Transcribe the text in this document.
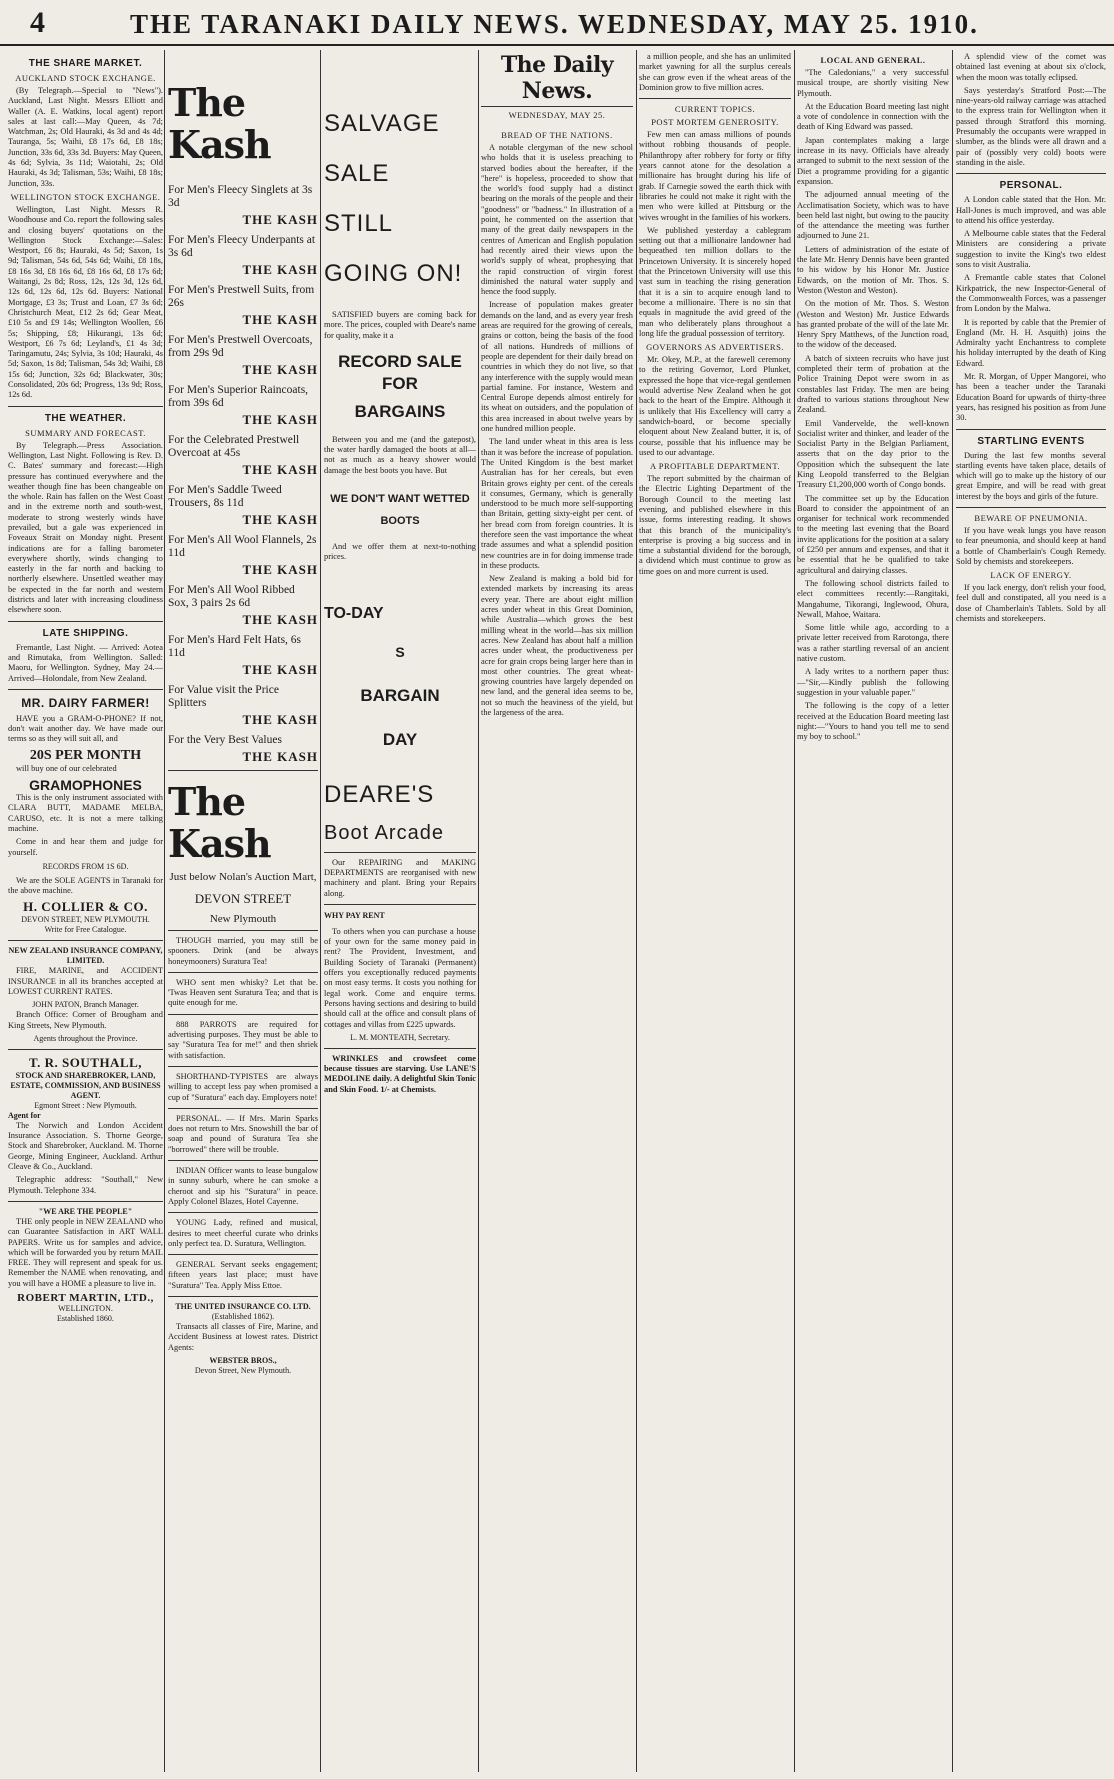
4	THE TARANAKI DAILY NEWS. WEDNESDAY, MAY 25. 1910.
THE SHARE MARKET.
AUCKLAND STOCK EXCHANGE.
(By Telegraph.—Special to "News"). Auckland, Last Night. Messrs Elliott and Waller (A. E. Watkins, local agent) report sales at last call:—May Queen, 4s 7d; Watchman, 2s; Old Hauraki, 4s 3d and 4s 4d; Tauranga, 5s; Waihi, £8 17s 6d, £8 18s; Junction, 33s 6d, 33s 3d. Buyers: May Queen, 4s 6d; Sylvia, 3s 11d; Waiotahi, 2s; Old Hauraki, 4s 3d; Talisman, 53s; Waihi, £8 18s; Junction, 33s.
WELLINGTON STOCK EXCHANGE.
Wellington, Last Night. Messrs R. Woodhouse and Co. report the following sales and closing buyers' quotations on the Wellington Stock Exchange:—Sales: Westport, £6 8s; Hauraki, 4s 5d; Saxon, 1s 9d; Talisman, 54s 6d, 54s 6d; Waihi, £8 18s, £8 16s 3d, £8 16s 6d, £8 16s 6d, £8 17s 6d; Waitangi, 2s 8d; Ross, 12s, 12s 3d, 12s 6d, 12s 6d, 12s 6d, 12s 6d. Buyers: National Mortgage, £3 3s; Trust and Loan, £7 3s 6d; Christchurch Meat, £12 2s 6d; Gear Meat, £10 5s and £9 14s; Wellington Woollen, £6 5s; Shipping, £8; Hikurangi, 13s 6d; Westport, £6 7s 6d; Leyland's, £1 4s 3d; Taringamutu, 24s; Sylvia, 3s 10d; Hauraki, 4s 5d; Saxon, 1s 8d; Talisman, 54s 3d; Waihi, £8 15s 6d; Junction, 32s 6d; Blackwater, 30s; Consolidated, 20s 6d; Progress, 13s 9d; Ross, 12s 6d.
THE WEATHER.
SUMMARY AND FORECAST.
By Telegraph.—Press Association. Wellington, Last Night. Following is Rev. D. C. Bates' summary and forecast:—High pressure has continued everywhere and the weather though fine has been changeable on the whole. Rain has fallen on the West Coast and in the extreme north and south-west, moderate to strong westerly winds have prevailed, but a gale was experienced in Foveaux Strait on Monday night. Present indications are for a falling barometer everywhere shortly, winds changing to easterly in the far north and backing to northerly elsewhere. Unsettled weather may be expected in the far north and western districts and later with increasing cloudiness elsewhere soon.
LATE SHIPPING.
Fremantle, Last Night. — Arrived: Aotea and Rimutaka, from Wellington. Salled: Maoru, for Wellington. Sydney, May 24.—Arrived—Holondale, from New Zealand.
MR. DAIRY FARMER!
HAVE you a GRAM-O-PHONE? If not, don't wait another day. We have made our terms so as they will suit all, and
20S PER MONTH
will buy one of our celebrated
GRAMOPHONES
This is the only instrument associated with CLARA BUTT, MADAME MELBA, CARUSO, etc. It is not a mere talking machine.
Come in and hear them and judge for yourself.
RECORDS FROM 1S 6D.
We are the SOLE AGENTS in Taranaki for the above machine.
H. COLLIER & CO.
DEVON STREET, NEW PLYMOUTH.
Write for Free Catalogue.
NEW ZEALAND INSURANCE COMPANY, LIMITED.
FIRE, MARINE, and ACCIDENT INSURANCE in all its branches accepted at LOWEST CURRENT RATES.
JOHN PATON, Branch Manager.
Branch Office: Corner of Brougham and King Streets, New Plymouth.
Agents throughout the Province.
T. R. SOUTHALL,
STOCK AND SHAREBROKER, LAND, ESTATE, COMMISSION, AND BUSINESS AGENT.
Egmont Street : New Plymouth.
Agent for
The Norwich and London Accident Insurance Association. S. Thorne George, Stock and Sharebroker, Auckland. M. Thorne George, Mining Engineer, Auckland. Arthur Cleave & Co., Auckland.
Telegraphic address: "Southall," New Plymouth. Telephone 334.
"WE ARE THE PEOPLE"
THE only people in NEW ZEALAND who can Guarantee Satisfaction in ART WALL PAPERS. Write us for samples and advice, which will be forwarded you by return MAIL FREE. They will represent and speak for us. Remember the NAME when renovating, and you will have a HOME a pleasure to live in.
ROBERT MARTIN, LTD.,
WELLINGTON.
Established 1860.
The Kash
For Men's Fleecy Singlets at 3s 3d
THE KASH
For Men's Fleecy Underpants at 3s 6d
THE KASH
For Men's Prestwell Suits, from 26s
THE KASH
For Men's Prestwell Overcoats, from 29s 9d
THE KASH
For Men's Superior Raincoats, from 39s 6d
THE KASH
For the Celebrated Prestwell Overcoat at 45s
THE KASH
For Men's Saddle Tweed Trousers, 8s 11d
THE KASH
For Men's All Wool Flannels, 2s 11d
THE KASH
For Men's All Wool Ribbed Sox, 3 pairs 2s 6d
THE KASH
For Men's Hard Felt Hats, 6s 11d
THE KASH
For Value visit the Price Splitters
THE KASH
For the Very Best Values
THE KASH
The Kash
Just below Nolan's Auction Mart,
DEVON STREET
New Plymouth
THOUGH married, you may still be spooners. Drink (and be always honeymooners) Suratura Tea!
WHO sent men whisky? Let that be. 'Twas Heaven sent Suratura Tea; and that is quite enough for me.
888 PARROTS are required for advertising purposes. They must be able to say "Suratura Tea for me!" and then shriek with satisfaction.
SHORTHAND-TYPISTES are always willing to accept less pay when promised a cup of "Suratura" each day. Employers note!
PERSONAL. — If Mrs. Marin Sparks does not return to Mrs. Snowshill the bar of soap and pound of Suratura Tea she "borrowed" there will be trouble.
INDIAN Officer wants to lease bungalow in sunny suburb, where he can smoke a cheroot and sip his "Suratura" in peace. Apply Colonel Blazes, Hotel Cayenne.
YOUNG Lady, refined and musical, desires to meet cheerful curate who drinks only perfect tea. D. Suratura, Wellington.
GENERAL Servant seeks engagement; fifteen years last place; must have "Suratura" Tea. Apply Miss Ettoe.
THE UNITED INSURANCE CO. LTD.
(Established 1862).
Transacts all classes of Fire, Marine, and Accident Business at lowest rates. District Agents:
WEBSTER BROS.,
Devon Street, New Plymouth.
SALVAGE
SALE
STILL
GOING ON!
SATISFIED buyers are coming back for more. The prices, coupled with Deare's name for quality, make it a
RECORD SALE FOR
BARGAINS
Between you and me (and the gatepost), the water hardly damaged the boots at all—not as much as a heavy shower would damage the best boots you have. But
WE DON'T WANT WETTED
BOOTS
And we offer them at next-to-nothing prices.
TO-DAY
S
BARGAIN
DAY
DEARE'S
Boot Arcade
Our REPAIRING and MAKING DEPARTMENTS are reorganised with new machinery and plant. Bring your Repairs along.
WHY PAY RENT
To others when you can purchase a house of your own for the same money paid in rent? The Provident, Investment, and Building Society of Taranaki (Permanent) offers you exceptionally reduced payments on most easy terms. It costs you nothing for legal work. Come and enquire terms. Persons having sections and desiring to build should call at the office and consult plans of cottages and villas from £225 upwards.
L. M. MONTEATH, Secretary.
WRINKLES and crowsfeet come because tissues are starving. Use LANE'S MEDOLINE daily. A delightful Skin Tonic and Skin Food. 1/- at Chemists.
The Daily News.
WEDNESDAY, MAY 25.
BREAD OF THE NATIONS.
A notable clergyman of the new school who holds that it is useless preaching to starved bodies about the hereafter, if the "here" is hopeless, proceeded to show that the world's food supply had a distinct bearing on the morals of the people and their "goodness" or "badness." In illustration of a point, he commented on the assertion that many of the great daily newspapers in the centres of American and English population had recently aired their views upon the world's supply of wheat, prophesying that the rapid construction of virgin forest diminished the natural water supply and hence the food supply.
Increase of population makes greater demands on the land, and as every year fresh areas are required for the growing of cereals, grains or cotton, being the basis of the food of all nations. Hundreds of millions of people are dependent for their daily bread on countries in which they do not live, so that any interference with the supply would mean partial famine. For instance, Western and Central Europe depends almost entirely for its wheat on outsiders, and the population of this area increased in about twelve years by one hundred million people.
The land under wheat in this area is less than it was before the increase of population. The United Kingdom is the best market Australian has for her cereals, but even Britain grows eighty per cent. of the cereals it consumes, Germany, which is generally understood to be much more self-supporting than Britain, getting sixty-eight per cent. of her bread corn from foreign countries. It is therefore seen the vast importance the wheat trade assumes and what a splendid position new countries are in for doing immense trade in these products.
New Zealand is making a bold bid for extended markets by increasing its areas every year. There are about eight million acres under wheat in this Great Dominion, while Australia—which grows the best milling wheat in the world—has six million acres. New Zealand has about half a million acres under wheat, the productiveness per acre for grain crops being larger here than in most other countries. The great wheat-growing countries have largely depended on new land, and the general idea seems to be, not so much the heaviness of the yield, but the largeness of the area.
a million people, and she has an unlimited market yawning for all the surplus cereals she can grow even if the wheat areas of the Dominion grow to five million acres.
CURRENT TOPICS.
POST MORTEM GENEROSITY.
Few men can amass millions of pounds without robbing thousands of people. Philanthropy after robbery for forty or fifty years cannot atone for the desolation a millionaire has brought during his life of grab. If Carnegie sowed the earth thick with libraries he could not make it right with the men who were killed at Pittsburg or the wives wrought in the families of his workers.
We published yesterday a cablegram setting out that a millionaire landowner had bequeathed ten million dollars to the Princetown University. It is sincerely hoped that the Princetown University will use this vast sum in teaching the rising generation that it is a sin to acquire enough land to become a millionaire. There is no sin that equals in magnitude the avid greed of the man who deliberately plans throughout a long life the gradual possession of territory.
GOVERNORS AS ADVERTISERS.
Mr. Okey, M.P., at the farewell ceremony to the retiring Governor, Lord Plunket, expressed the hope that vice-regal gentlemen would advertise New Zealand when he got back to the heart of the Empire. Although it is unlikely that His Excellency will carry a sandwich-board, or become specially eloquent about New Zealand butter, it is, of course, possible that his influence may be used to our advantage.
A PROFITABLE DEPARTMENT.
The report submitted by the chairman of the Electric Lighting Department of the Borough Council to the meeting last evening, and published elsewhere in this issue, forms interesting reading. It shows that this branch of the municipality's enterprise is proving a big success and in time a substantial dividend for the borough, a dividend which must continue to grow as time goes on and more current is used.
LOCAL AND GENERAL.
"The Caledonians," a very successful musical troupe, are shortly visiting New Plymouth.
At the Education Board meeting last night a vote of condolence in connection with the death of King Edward was passed.
Japan contemplates making a large increase in its navy. Officials have already arranged to submit to the next session of the Diet a programme providing for a gigantic expansion.
The adjourned annual meeting of the Acclimatisation Society, which was to have been held last night, but owing to the paucity of the attendance the meeting was further adjourned to June 21.
Letters of administration of the estate of the late Mr. Henry Dennis have been granted to his widow by his Honor Mr. Justice Edwards, on the motion of Mr. Thos. S. Weston (Weston and Weston).
On the motion of Mr. Thos. S. Weston (Weston and Weston) Mr. Justice Edwards has granted probate of the will of the late Mr. Henry Spry Matthews, of the Junction road, to the widow of the deceased.
A batch of sixteen recruits who have just completed their term of probation at the Police Training Depot were sworn in as constables last Friday. The men are being drafted to various stations throughout New Zealand.
Emil Vandervelde, the well-known Socialist writer and thinker, and leader of the Socialist Party in the Belgian Parliament, asserts that on the day prior to the Opposition which the subsequent the late King Leopold transferred to the Belgian Treasury £1,200,000 worth of Congo bonds.
The committee set up by the Education Board to consider the appointment of an organiser for technical work recommended to the meeting last evening that the Board invite applications for the position at a salary of £250 per annum and expenses, and that it be essential that he be qualified to take agricultural and dairying classes.
The following school districts failed to elect committees recently:—Rangitaki, Mangahume, Tikorangi, Inglewood, Ohura, Newall, Mahoe, Waitara.
Some little while ago, according to a private letter received from Rarotonga, there was a rather startling reversal of an ancient native custom.
A lady writes to a northern paper thus:—"Sir,—Kindly publish the following suggestion in your valuable paper."
The following is the copy of a letter received at the Education Board meeting last night:—"Yours to hand you tell me to send my boy to school."
A splendid view of the comet was obtained last evening at about six o'clock, when the moon was totally eclipsed.
Says yesterday's Stratford Post:—The nine-years-old railway carriage was attached to the express train for Wellington when it passed through Stratford this morning. Presumably the occupants were wrapped in slumber, as the blinds were all drawn and a pair of (possibly very cold) boots were standing in the aisle.
PERSONAL.
A London cable stated that the Hon. Mr. Hall-Jones is much improved, and was able to attend his office yesterday.
A Melbourne cable states that the Federal Ministers are considering a private suggestion to invite the King's two eldest sons to visit Australia.
A Fremantle cable states that Colonel Kirkpatrick, the new Inspector-General of the Commonwealth Forces, was a passenger from London by the Malwa.
It is reported by cable that the Premier of England (Mr. H. H. Asquith) joins the Admiralty yacht Enchantress to complete his holiday interrupted by the death of King Edward.
Mr. R. Morgan, of Upper Mangorei, who has been a teacher under the Taranaki Education Board for upwards of thirty-three years, has resigned his position as from June 30.
STARTLING EVENTS
During the last few months several startling events have taken place, details of which will go to make up the history of our great Empire, and will be read with great interest by the boys and girls of the future.
BEWARE OF PNEUMONIA.
If you have weak lungs you have reason to fear pneumonia, and should keep at hand a bottle of Chamberlain's Cough Remedy. Sold by chemists and storekeepers.
LACK OF ENERGY.
If you lack energy, don't relish your food, feel dull and constipated, all you need is a dose of Chamberlain's Tablets. Sold by all chemists and storekeepers.
